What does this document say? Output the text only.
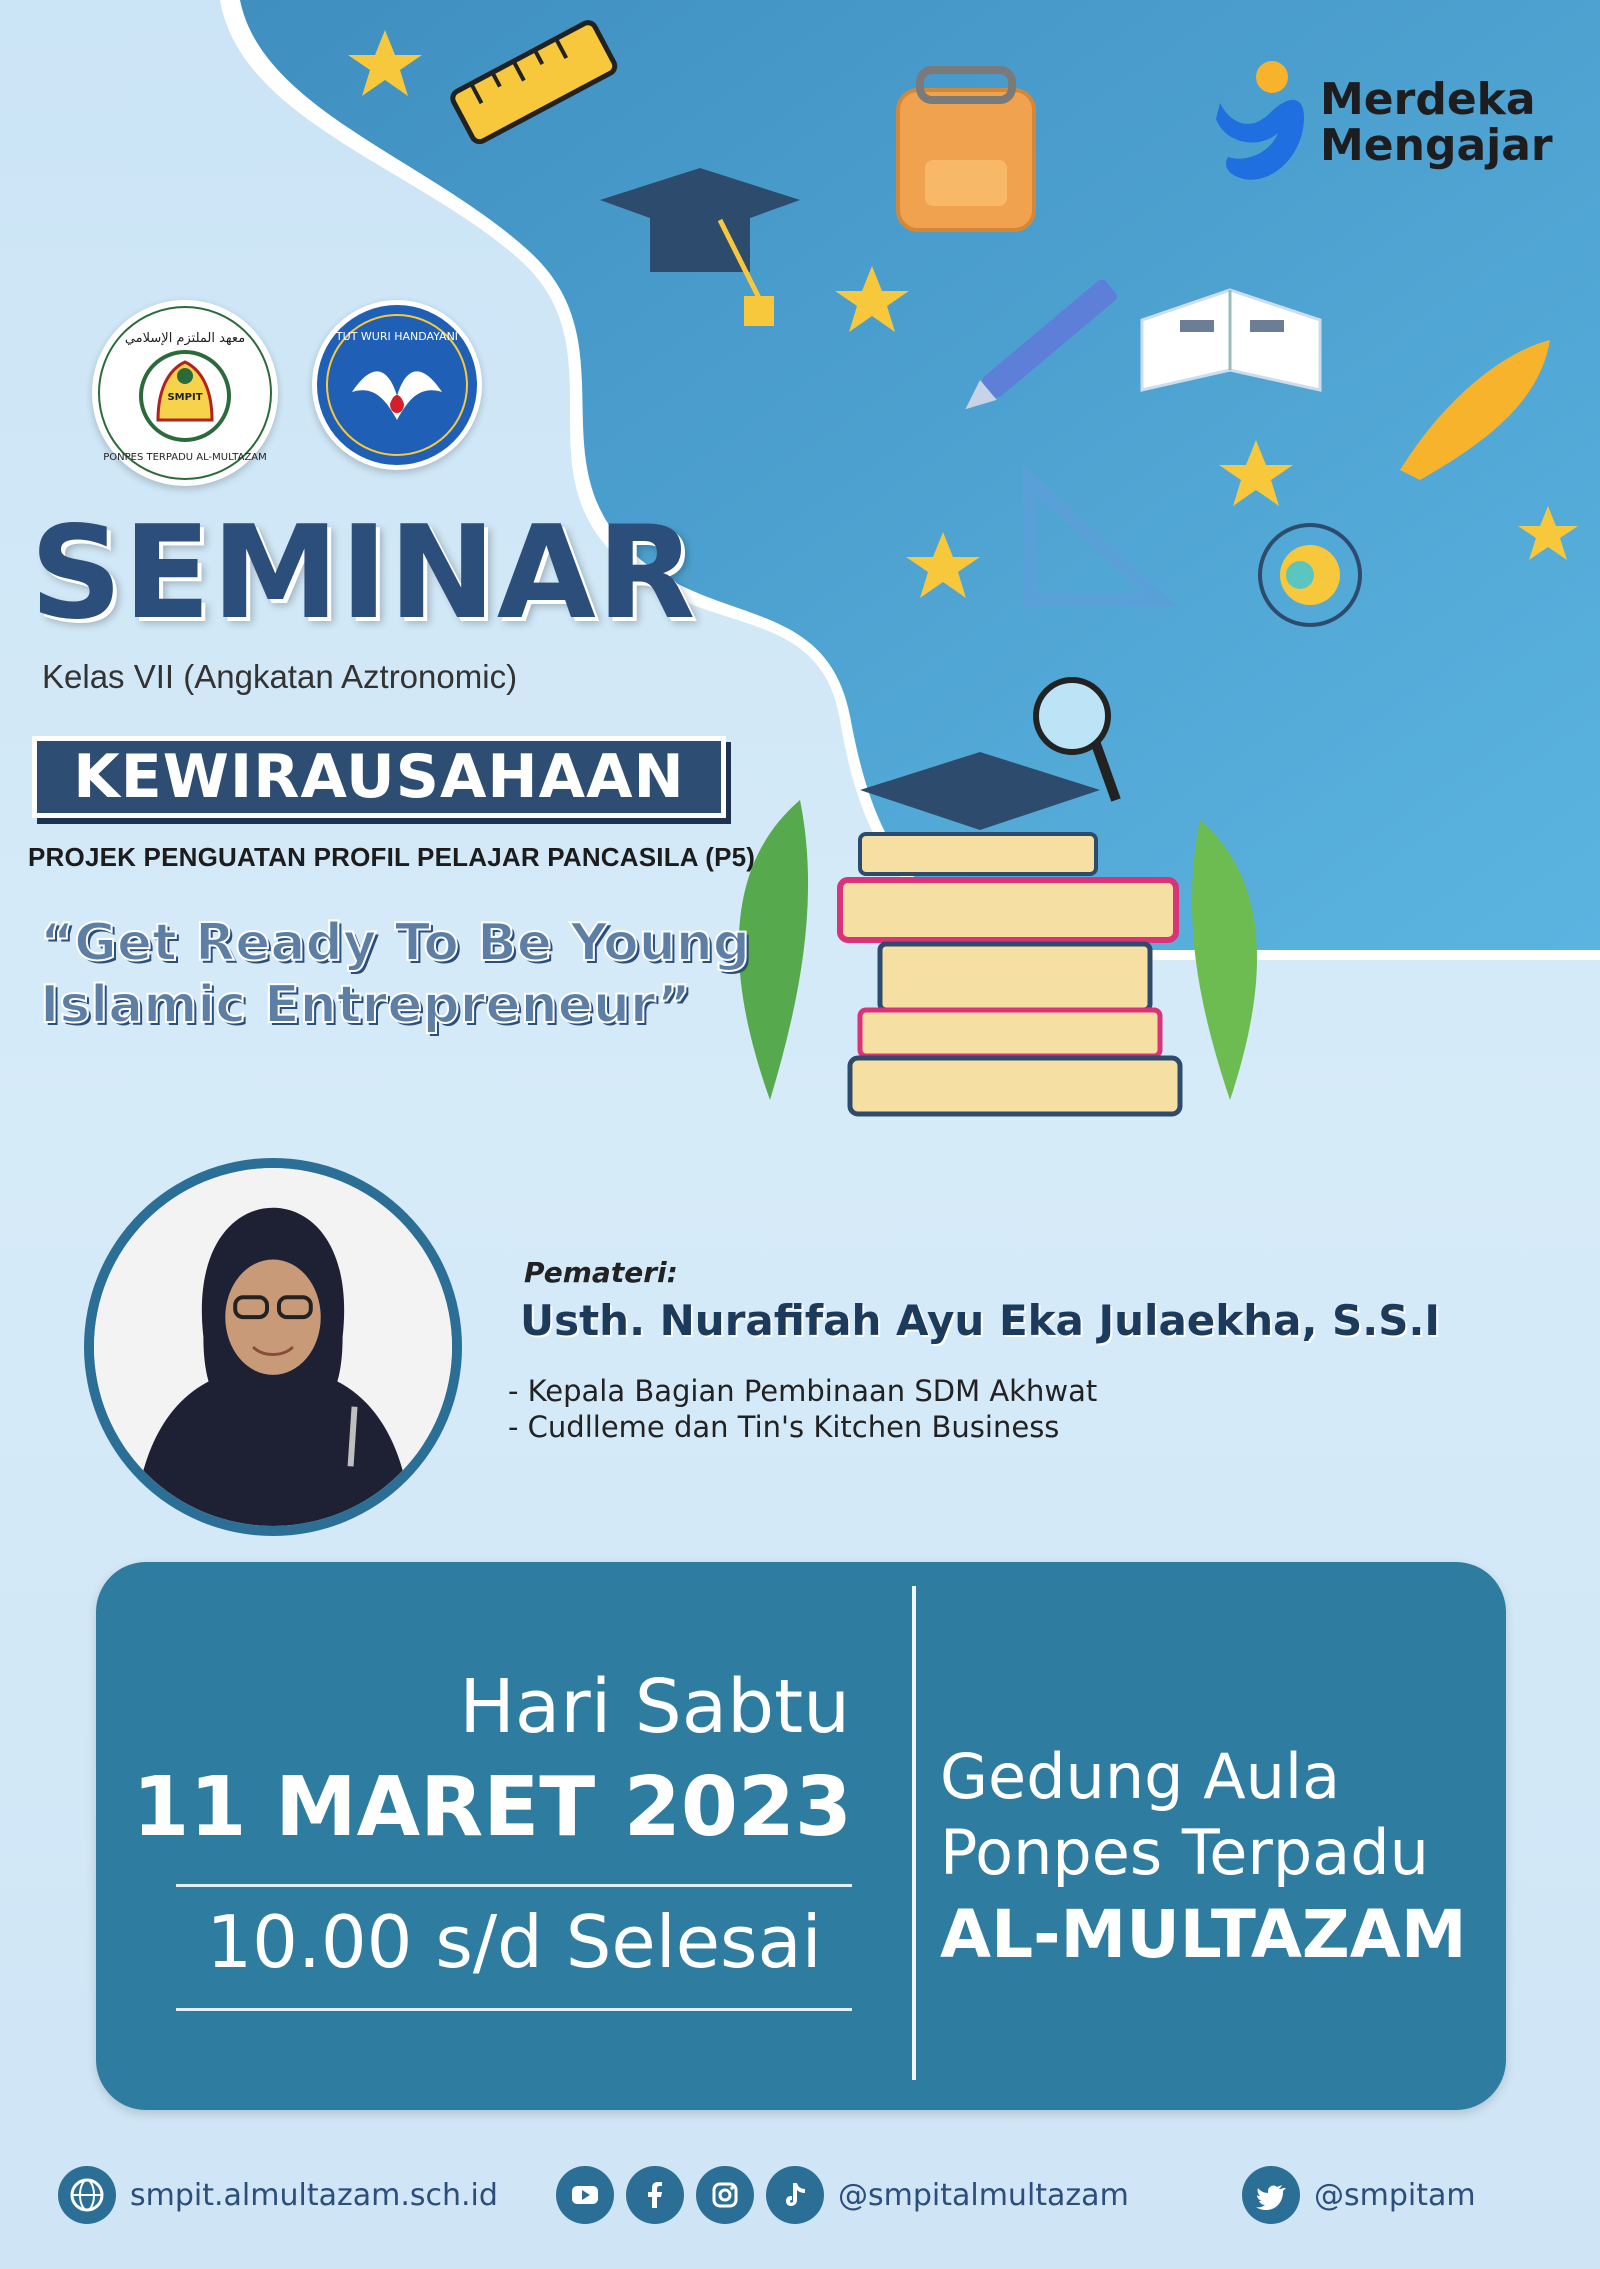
Merdeka
Mengajar
معهد الملتزم الإسلامي
SMPIT
PONPES TERPADU AL-MULTAZAM
TUT WURI HANDAYANI
SEMINAR
Kelas VII (Angkatan Aztronomic)
KEWIRAUSAHAAN
PROJEK PENGUATAN PROFIL PELAJAR PANCASILA (P5)
“Get Ready To Be Young
Islamic Entrepreneur”
Pemateri:
Usth. Nurafifah Ayu Eka Julaekha, S.S.I
- Kepala Bagian Pembinaan SDM Akhwat
- Cudlleme dan Tin's Kitchen Business
Hari Sabtu
11 MARET 2023
10.00 s/d Selesai
Gedung Aula
Ponpes Terpadu
AL-MULTAZAM
smpit.almultazam.sch.id	@smpitalmultazam	@smpitam
